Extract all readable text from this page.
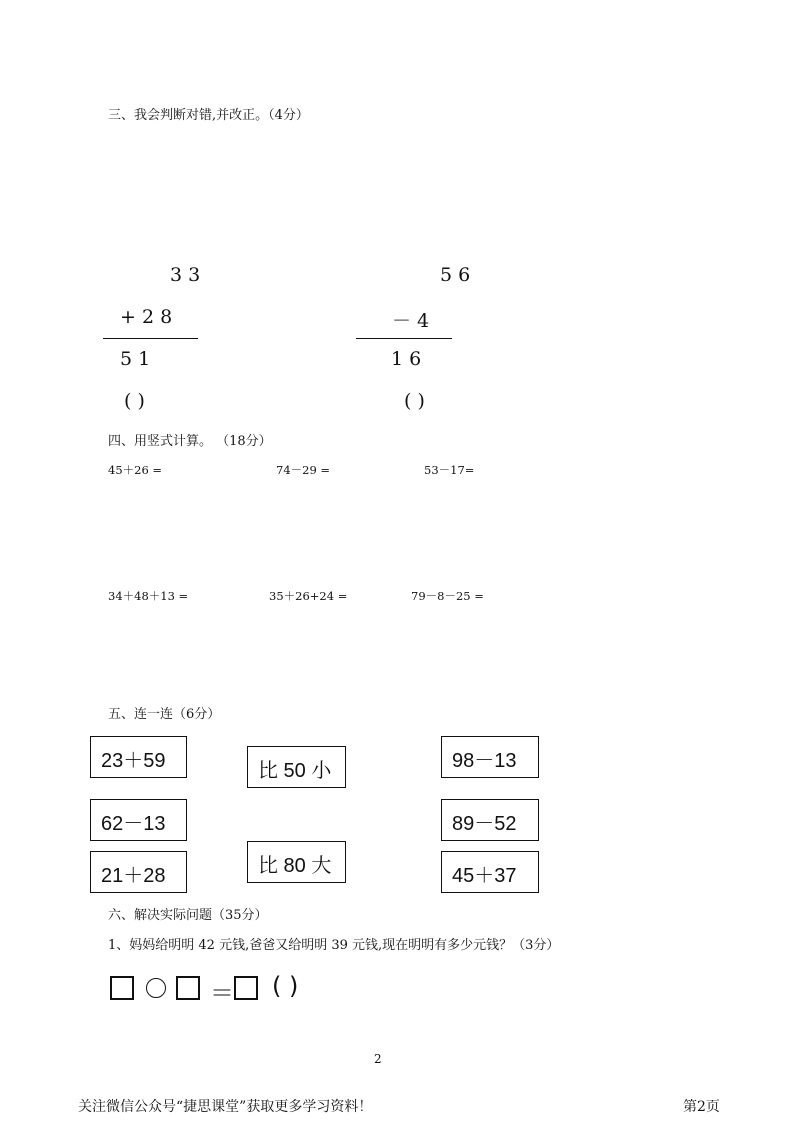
三、我会判断对错,并改正。（4分）
3 3
+ 2 8
5 1
( )
5 6
－ 4
1 6
( )
四、用竖式计算。 （18分）
45＋26 =	74－29 =	53－17=
34＋48＋13 =	35＋26+24 =	79－8－25 =
五、连一连（6分）
23＋59
62－13
21＋28
比 50 小
比 80 大
98－13
89－52
45＋37
六、解决实际问题（35分）
1、妈妈给明明 42 元钱,爸爸又给明明 39 元钱,现在明明有多少元钱？（3分）
＝ ( )
2
关注微信公众号“捷思课堂”获取更多学习资料！	第2页
